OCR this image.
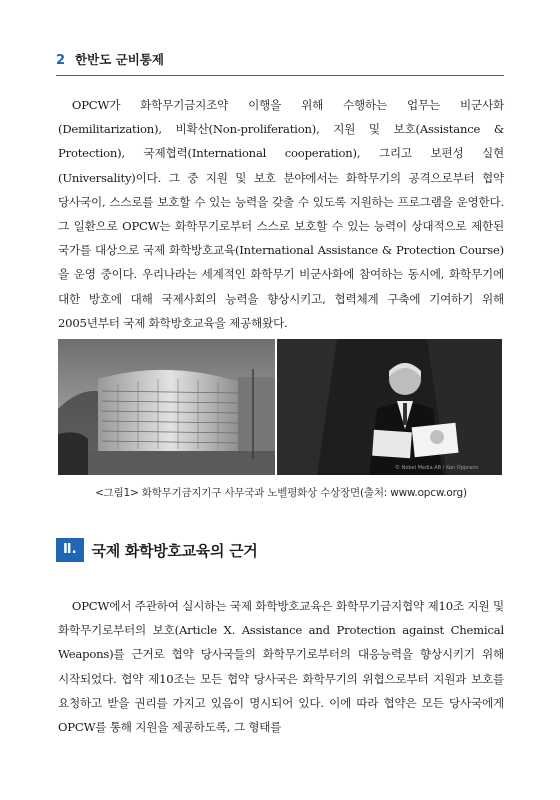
2 한반도 군비통제

OPCW가 화학무기금지조약 이행을 위해 수행하는 업무는 비군사화(Demilitarization), 비확산(Non-proliferation), 지원 및 보호(Assistance & Protection), 국제협력(International cooperation), 그리고 보편성 실현(Universality)이다. 그 중 지원 및 보호 분야에서는 화학무기의 공격으로부터 협약 당사국이, 스스로를 보호할 수 있는 능력을 갖출 수 있도록 지원하는 프로그램을 운영한다. 그 일환으로 OPCW는 화학무기로부터 스스로 보호할 수 있는 능력이 상대적으로 제한된 국가를 대상으로 국제 화학방호교육(International Assistance & Protection Course)을 운영 중이다. 우리나라는 세계적인 화학무기 비군사화에 참여하는 동시에, 화학무기에 대한 방호에 대해 국제사회의 능력을 향상시키고, 협력체계 구축에 기여하기 위해 2005년부터 국제 화학방호교육을 제공해왔다.

© Nobel Media AB / Ken Opprann
<그림1> 화학무기금지기구 사무국과 노벨평화상 수상장면(출처: www.opcw.org)
Ⅱ.	국제 화학방호교육의 근거

OPCW에서 주관하여 실시하는 국제 화학방호교육은 화학무기금지협약 제10조 지원 및 화학무기로부터의 보호(Article X. Assistance and Protection against Chemical Weapons)를 근거로 협약 당사국들의 화학무기로부터의 대응능력을 향상시키기 위해 시작되었다. 협약 제10조는 모든 협약 당사국은 화학무기의 위협으로부터 지원과 보호를 요청하고 받을 권리를 가지고 있음이 명시되어 있다. 이에 따라 협약은 모든 당사국에게 OPCW를 통해 지원을 제공하도록, 그 형태를
